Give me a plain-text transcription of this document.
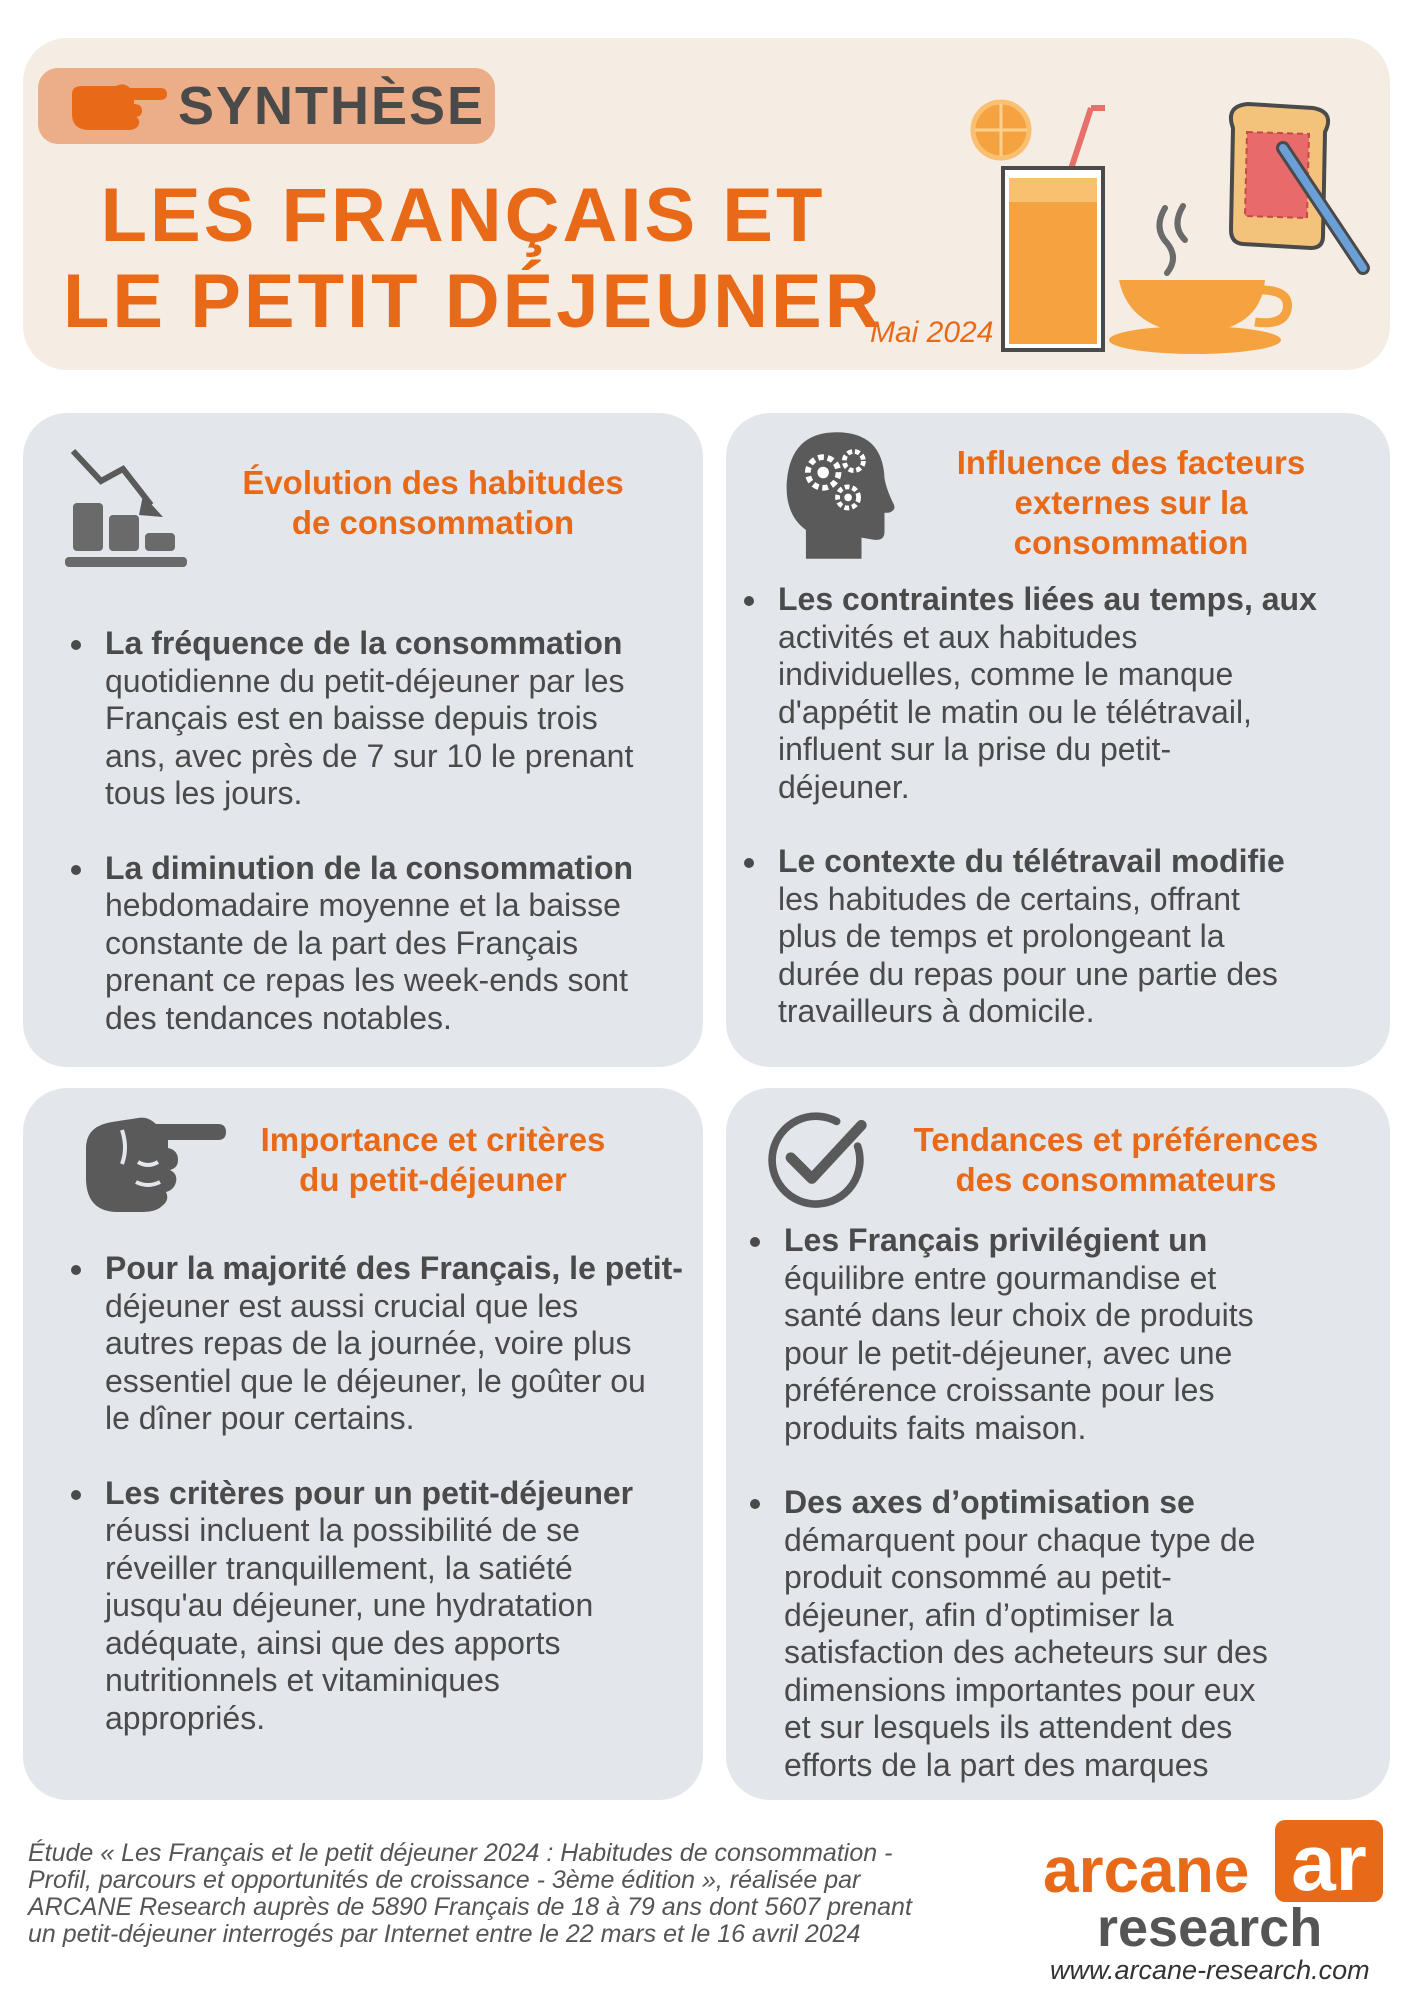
SYNTHÈSE
LES FRANÇAIS ET
LE PETIT DÉJEUNER
Mai 2024
Évolution des habitudes
de consommation
La fréquence de la consommation
quotidienne du petit-déjeuner par les
Français est en baisse depuis trois
ans, avec près de 7 sur 10 le prenant
tous les jours.
La diminution de la consommation
hebdomadaire moyenne et la baisse
constante de la part des Français
prenant ce repas les week-ends sont
des tendances notables.
Influence des facteurs
externes sur la
consommation
Les contraintes liées au temps, aux
activités et aux habitudes
individuelles, comme le manque
d'appétit le matin ou le télétravail,
influent sur la prise du petit-
déjeuner.
Le contexte du télétravail modifie
les habitudes de certains, offrant
plus de temps et prolongeant la
durée du repas pour une partie des
travailleurs à domicile.
Importance et critères
du petit-déjeuner
Pour la majorité des Français, le petit-
déjeuner est aussi crucial que les
autres repas de la journée, voire plus
essentiel que le déjeuner, le goûter ou
le dîner pour certains.
Les critères pour un petit-déjeuner
réussi incluent la possibilité de se
réveiller tranquillement, la satiété
jusqu'au déjeuner, une hydratation
adéquate, ainsi que des apports
nutritionnels et vitaminiques
appropriés.
Tendances et préférences
des consommateurs
Les Français privilégient un
équilibre entre gourmandise et
santé dans leur choix de produits
pour le petit-déjeuner, avec une
préférence croissante pour les
produits faits maison.
Des axes d’optimisation se
démarquent pour chaque type de
produit consommé au petit-
déjeuner, afin d’optimiser la
satisfaction des acheteurs sur des
dimensions importantes pour eux
et sur lesquels ils attendent des
efforts de la part des marques
Étude « Les Français et le petit déjeuner 2024 : Habitudes de consommation -
Profil, parcours et opportunités de croissance - 3ème édition », réalisée par
ARCANE Research auprès de 5890 Français de 18 à 79 ans dont 5607 prenant
un petit-déjeuner interrogés par Internet entre le 22 mars et le 16 avril 2024
ar
arcane
research
www.arcane-research.com
